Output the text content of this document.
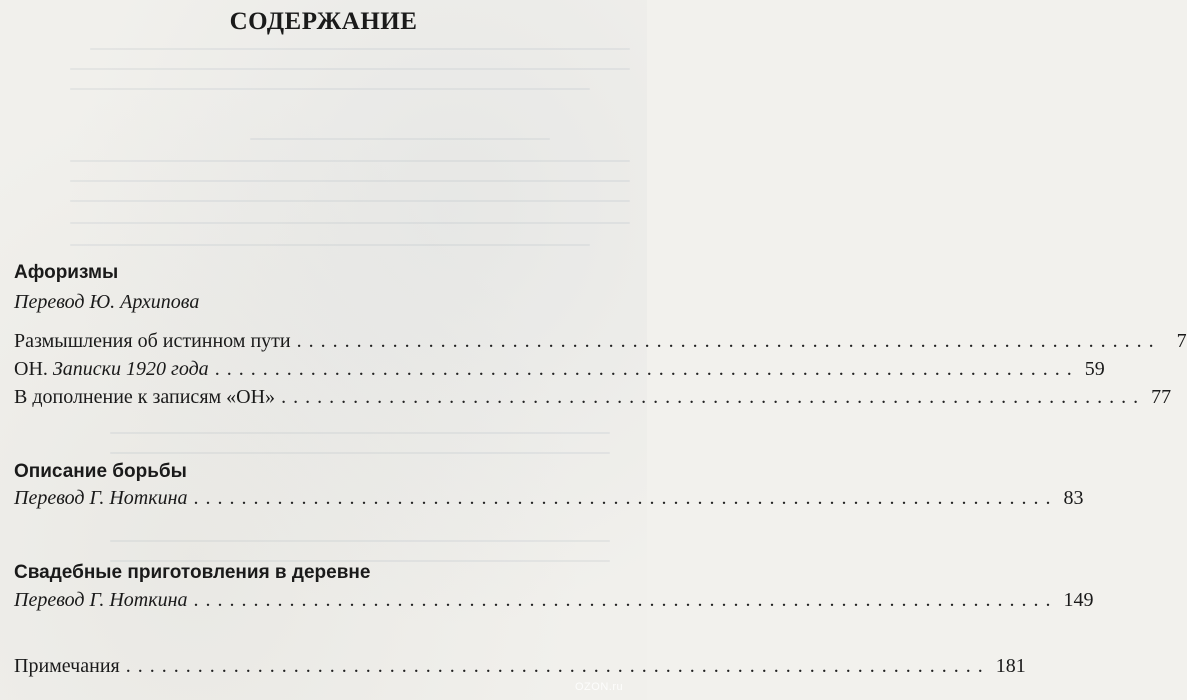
СОДЕРЖАНИЕ
Афоризмы
Перевод Ю. Архипова
Размышления об истинном пути ........................................................................ 7
ОН. Записки 1920 года ........................................................................ 59
В дополнение к записям «ОН» ........................................................................ 77
Описание борьбы
Перевод Г. Ноткина ........................................................................ 83
Свадебные приготовления в деревне
Перевод Г. Ноткина ........................................................................ 149
Примечания ........................................................................ 181
OZON.ru
